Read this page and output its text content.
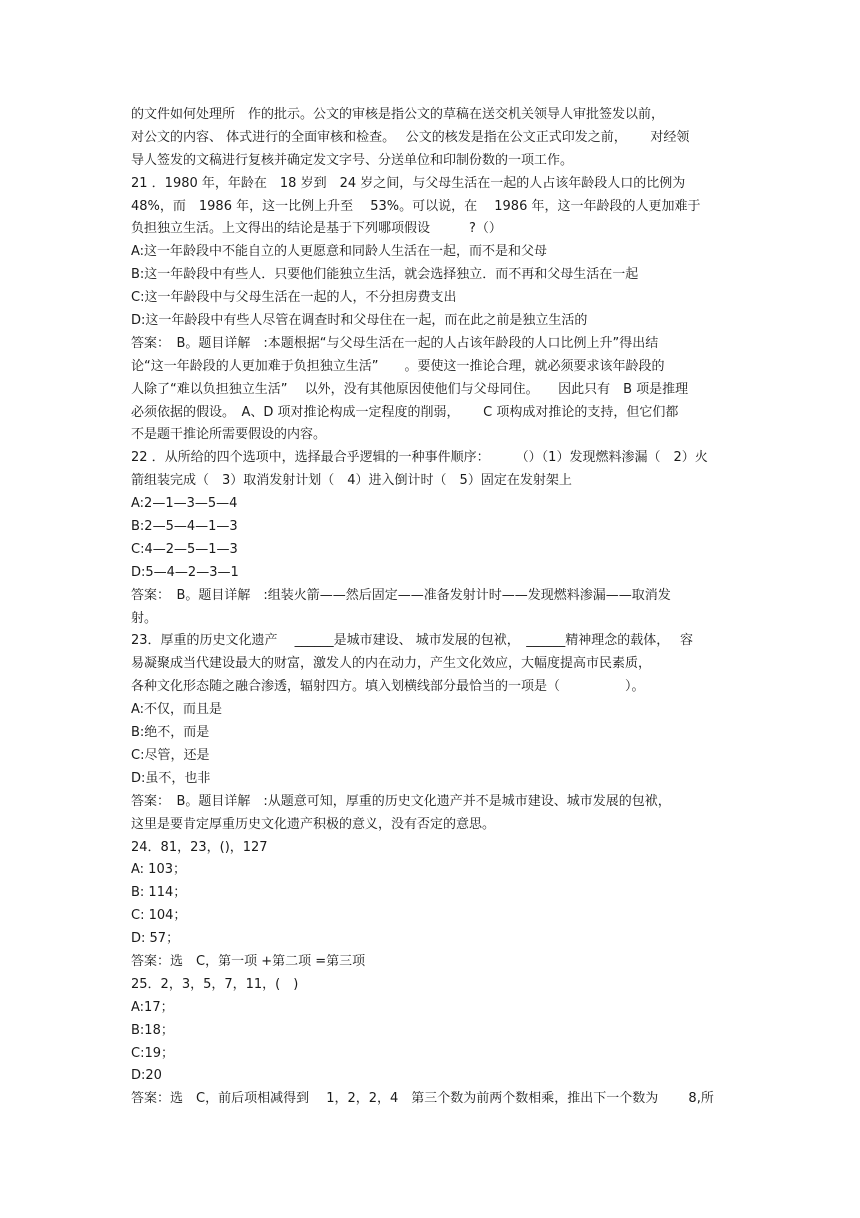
的文件如何处理所　作的批示。公文的审核是指公文的草稿在送交机关领导人审批签发以前，
对公文的内容、 体式进行的全面审核和检查。　 公文的核发是指在公文正式印发之前，　　 对经领
导人签发的文稿进行复核并确定发文字号、分送单位和印制份数的一项工作。
21 ．1980 年，年龄在　18 岁到　24 岁之间，与父母生活在一起的人占该年龄段人口的比例为
48%，而　1986 年，这一比例上升至　 53%。可以说，在　 1986 年，这一年龄段的人更加难于
负担独立生活。上文得出的结论是基于下列哪项假设　　　?（）
A:这一年龄段中不能自立的人更愿意和同龄人生活在一起，而不是和父母
B:这一年龄段中有些人．只要他们能独立生活，就会选择独立．而不再和父母生活在一起
C:这一年龄段中与父母生活在一起的人，不分担房费支出
D:这一年龄段中有些人尽管在调查时和父母住在一起，而在此之前是独立生活的
答案：　B。题目详解　:本题根据“与父母生活在一起的人占该年龄段的人口比例上升”得出结
论“这一年龄段的人更加难于负担独立生活”　　。要使这一推论合理，就必须要求该年龄段的
人除了“难以负担独立生活”　 以外，没有其他原因使他们与父母同住。　　因此只有　B 项是推理
必须依据的假设。　A、D 项对推论构成一定程度的削弱，　　 C 项构成对推论的支持，但它们都
不是题干推论所需要假设的内容。
22 ．从所给的四个选项中，选择最合乎逻辑的一种事件顺序：　　　（）（1）发现燃料渗漏（　2）火
箭组装完成（　3）取消发射计划（　4）进入倒计时（　5）固定在发射架上
A:2—1—3—5—4
B:2—5—4—1—3
C:4—2—5—1—3
D:5—4—2—3—1
答案：　B。题目详解　:组装火箭——然后固定——准备发射计时——发现燃料渗漏——取消发
射。
23．厚重的历史文化遗产　 ______是城市建设、 城市发展的包袱，　______精神理念的载体，　 容
易凝聚成当代建设最大的财富，激发人的内在动力，产生文化效应，大幅度提高市民素质，
各种文化形态随之融合渗透，辐射四方。填入划横线部分最恰当的一项是（　　　　　）。
A:不仅，而且是
B:绝不，而是
C:尽管，还是
D:虽不，也非
答案：　B。题目详解　:从题意可知，厚重的历史文化遗产并不是城市建设、城市发展的包袱，
这里是要肯定厚重历史文化遗产积极的意义，没有否定的意思。
24．81，23，()，127
A: 103；
B: 114；
C: 104；
D: 57；
答案：选　C，第一项 +第二项 =第三项
25．2，3，5，7，11，(　)
A:17；
B:18；
C:19；
D:20
答案：选　C，前后项相减得到　 1，2，2，4　第三个数为前两个数相乘，推出下一个数为　　 8,所
